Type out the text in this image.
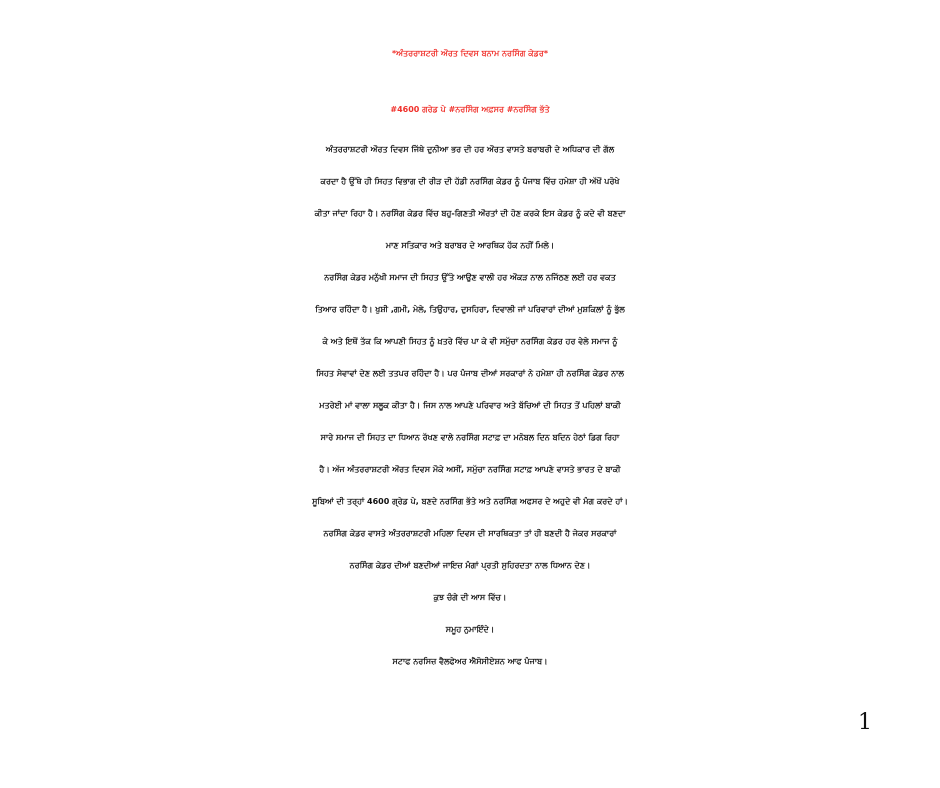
*ਅੰਤਰਰਾਸ਼ਟਰੀ ਔਰਤ ਦਿਵਸ ਬਨਾਮ ਨਰਸਿੰਗ ਕੇਡਰ*
#4600 ਗਰੇਡ ਪੇ #ਨਰਸਿੰਗ ਅਫ਼ਸਰ #ਨਰਸਿੰਗ ਭੱਤੇ
ਅੰਤਰਰਾਸ਼ਟਰੀ ਔਰਤ ਦਿਵਸ ਜਿੱਥੇ ਦੁਨੀਆ ਭਰ ਦੀ ਹਰ ਔਰਤ ਵਾਸਤੇ ਬਰਾਬਰੀ ਦੇ ਅਧਿਕਾਰ ਦੀ ਗੱਲ
ਕਰਦਾ ਹੈ ਉੱਥੇ ਹੀ ਸਿਹਤ ਵਿਭਾਗ ਦੀ ਰੀੜ ਦੀ ਹੱਡੀ ਨਰਸਿੰਗ ਕੇਡਰ ਨੂੰ ਪੰਜਾਬ ਵਿੱਚ ਹਮੇਸ਼ਾ ਹੀ ਅੱਖੋਂ ਪਰੋਖੇ
ਕੀਤਾ ਜਾਂਦਾ ਰਿਹਾ ਹੈ। ਨਰਸਿੰਗ ਕੇਡਰ ਵਿੱਚ ਬਹੁ-ਗਿਣਤੀ ਔਰਤਾਂ ਦੀ ਹੋਣ ਕਰਕੇ ਇਸ ਕੇਡਰ ਨੂੰ ਕਦੇ ਵੀ ਬਣਦਾ
ਮਾਣ ਸਤਿਕਾਰ ਅਤੇ ਬਰਾਬਰ ਦੇ ਆਰਥਿਕ ਹੱਕ ਨਹੀਂ ਮਿਲੇ।
ਨਰਸਿੰਗ ਕੇਡਰ ਮਨੁੱਖੀ ਸਮਾਜ ਦੀ ਸਿਹਤ ਉੱਤੇ ਆਉਣ ਵਾਲੀ ਹਰ ਔਕੜ ਨਾਲ ਨਜਿੱਠਣ ਲਈ ਹਰ ਵਕਤ
ਤਿਆਰ ਰਹਿੰਦਾ ਹੈ। ਖੁਸ਼ੀ ,ਗਮੀ, ਮੇਲੇ, ਤਿਉਹਾਰ, ਦੁਸਹਿਰਾ, ਦਿਵਾਲੀ ਜਾਂ ਪਰਿਵਾਰਾਂ ਦੀਆਂ ਮੁਸ਼ਕਿਲਾਂ ਨੂੰ ਭੁੱਲ
ਕੇ ਅਤੇ ਇਥੋਂ ਤੱਕ ਕਿ ਆਪਣੀ ਸਿਹਤ ਨੂੰ ਖ਼ਤਰੇ ਵਿੱਚ ਪਾ ਕੇ ਵੀ ਸਮੁੱਚਾ ਨਰਸਿੰਗ ਕੇਡਰ ਹਰ ਵੇਲੇ ਸਮਾਜ ਨੂੰ
ਸਿਹਤ ਸੇਵਾਵਾਂ ਦੇਣ ਲਈ ਤਤਪਰ ਰਹਿੰਦਾ ਹੈ। ਪਰ ਪੰਜਾਬ ਦੀਆਂ ਸਰਕਾਰਾਂ ਨੇ ਹਮੇਸ਼ਾ ਹੀ ਨਰਸਿੰਗ ਕੇਡਰ ਨਾਲ
ਮਤਰੇਈ ਮਾਂ ਵਾਲਾ ਸਲੂਕ ਕੀਤਾ ਹੈ। ਜਿਸ ਨਾਲ ਆਪਣੇ ਪਰਿਵਾਰ ਅਤੇ ਬੱਚਿਆਂ ਦੀ ਸਿਹਤ ਤੋਂ ਪਹਿਲਾਂ ਬਾਕੀ
ਸਾਰੇ ਸਮਾਜ ਦੀ ਸਿਹਤ ਦਾ ਧਿਆਨ ਰੱਖਣ ਵਾਲੇ ਨਰਸਿੰਗ ਸਟਾਫ਼ ਦਾ ਮਨੋਬਲ ਦਿਨ ਬਦਿਨ ਹੇਠਾਂ ਡਿਗ ਰਿਹਾ
ਹੈ। ਅੱਜ ਅੰਤਰਰਾਸ਼ਟਰੀ ਔਰਤ ਦਿਵਸ ਮੌਕੇ ਅਸੀਂ, ਸਮੁੱਚਾ ਨਰਸਿੰਗ ਸਟਾਫ਼ ਆਪਣੇ ਵਾਸਤੇ ਭਾਰਤ ਦੇ ਬਾਕੀ
ਸੂਬਿਆਂ ਦੀ ਤਰ੍ਹਾਂ 4600 ਗ੍ਰੇਡ ਪੇ, ਬਣਦੇ ਨਰਸਿੰਗ ਭੱਤੇ ਅਤੇ ਨਰਸਿੰਗ ਅਫਸਰ ਦੇ ਅਹੁਦੇ ਵੀ ਮੰਗ ਕਰਦੇ ਹਾਂ।
ਨਰਸਿੰਗ ਕੇਡਰ ਵਾਸਤੇ ਅੰਤਰਰਾਸ਼ਟਰੀ ਮਹਿਲਾ ਦਿਵਸ ਦੀ ਸਾਰਥਿਕਤਾ ਤਾਂ ਹੀ ਬਣਦੀ ਹੈ ਜੇਕਰ ਸਰਕਾਰਾਂ
ਨਰਸਿੰਗ ਕੇਡਰ ਦੀਆਂ ਬਣਦੀਆਂ ਜਾਇਜ਼ ਮੰਗਾਂ ਪ੍ਰਤੀ ਸੁਹਿਰਦਤਾ ਨਾਲ ਧਿਆਨ ਦੇਣ।
ਕੁਝ ਚੰਗੇ ਦੀ ਆਸ ਵਿੱਚ।
ਸਮੂਹ ਨੁਮਾਇੰਦੇ।
ਸਟਾਫ ਨਰਸਿਜ਼ ਵੈਲਫੇਅਰ ਐਸੋਸੀਏਸ਼ਨ ਆਫ ਪੰਜਾਬ।
1
